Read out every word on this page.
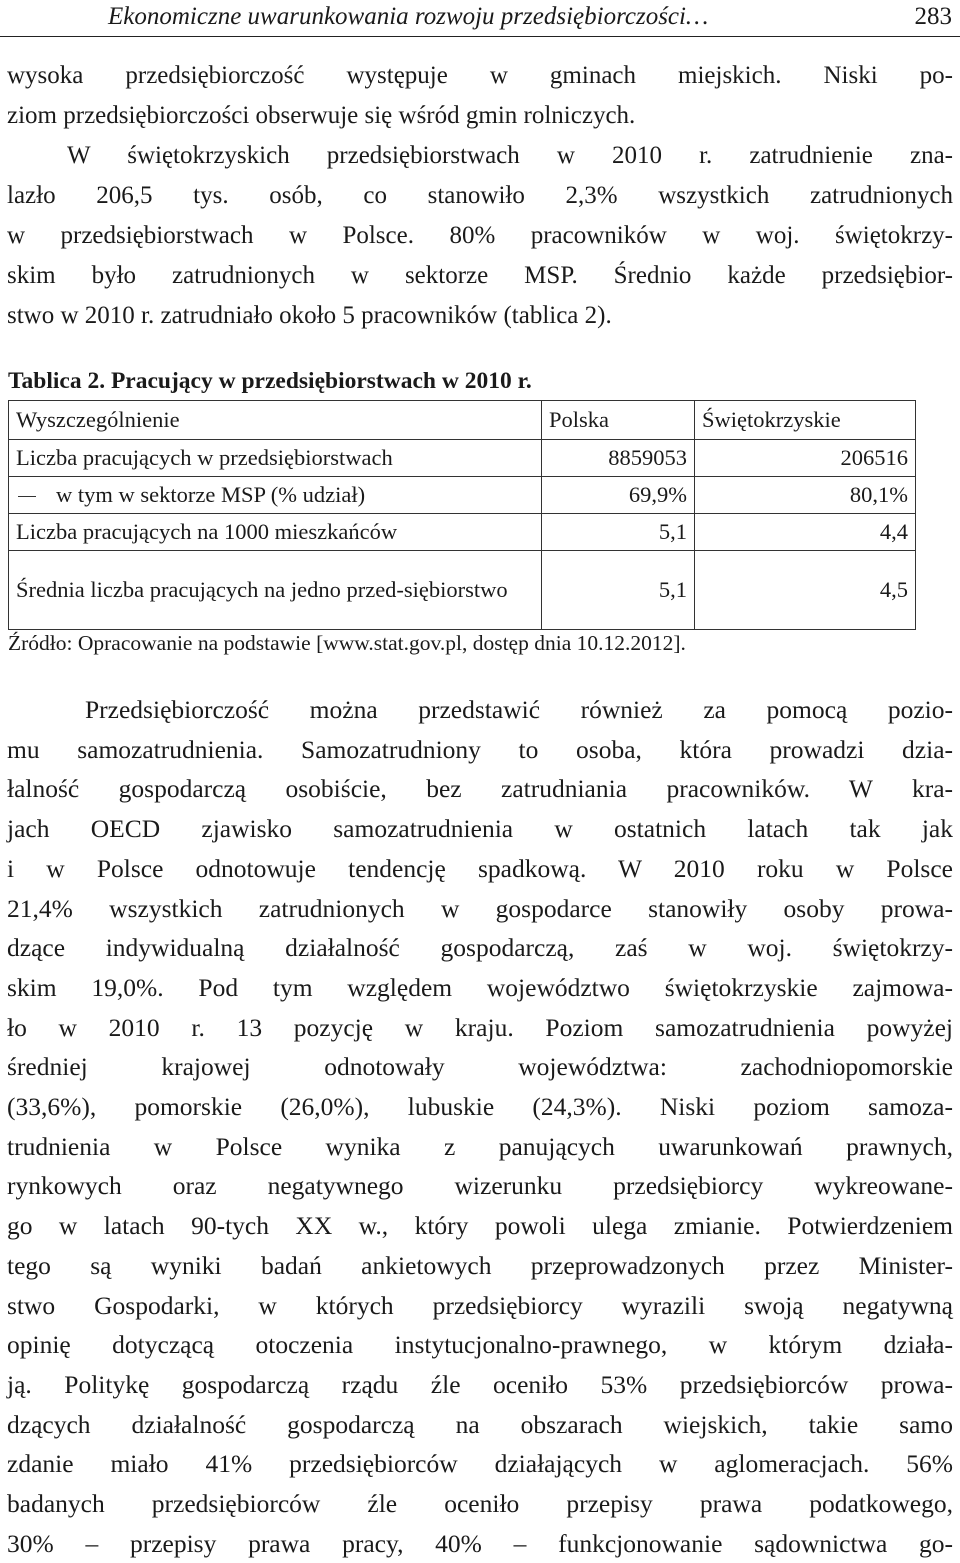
Ekonomiczne uwarunkowania rozwoju przedsiębiorczości…	283
wysoka przedsiębiorczość występuje w gminach miejskich. Niski po-
ziom przedsiębiorczości obserwuje się wśród gmin rolniczych.
W świętokrzyskich przedsiębiorstwach w 2010 r. zatrudnienie zna-
lazło 206,5 tys. osób, co stanowiło 2,3% wszystkich zatrudnionych
w przedsiębiorstwach w Polsce. 80% pracowników w woj. świętokrzy-
skim było zatrudnionych w sektorze MSP. Średnio każde przedsiębior-
stwo w 2010 r. zatrudniało około 5 pracowników (tablica 2).
Tablica 2. Pracujący w przedsiębiorstwach w 2010 r.
Wyszczególnienie	Polska	Świętokrzyskie
Liczba pracujących w przedsiębiorstwach	8859053	206516
w tym w sektorze MSP (% udział)	69,9%	80,1%
Liczba pracujących na 1000 mieszkańców	5,1	4,4
Średnia liczba pracujących na jedno przed-siębiorstwo	5,1	4,5
Źródło: Opracowanie na podstawie [www.stat.gov.pl, dostęp dnia 10.12.2012].
Przedsiębiorczość można przedstawić również za pomocą pozio-
mu samozatrudnienia. Samozatrudniony to osoba, która prowadzi dzia-
łalność gospodarczą osobiście, bez zatrudniania pracowników. W kra-
jach OECD zjawisko samozatrudnienia w ostatnich latach tak jak
i w Polsce odnotowuje tendencję spadkową. W 2010 roku w Polsce
21,4% wszystkich zatrudnionych w gospodarce stanowiły osoby prowa-
dzące indywidualną działalność gospodarczą, zaś w woj. świętokrzy-
skim 19,0%. Pod tym względem województwo świętokrzyskie zajmowa-
ło w 2010 r. 13 pozycję w kraju. Poziom samozatrudnienia powyżej
średniej krajowej odnotowały województwa: zachodniopomorskie
(33,6%), pomorskie (26,0%), lubuskie (24,3%). Niski poziom samoza-
trudnienia w Polsce wynika z panujących uwarunkowań prawnych,
rynkowych oraz negatywnego wizerunku przedsiębiorcy wykreowane-
go w latach 90-tych XX w., który powoli ulega zmianie. Potwierdzeniem
tego są wyniki badań ankietowych przeprowadzonych przez Minister-
stwo Gospodarki, w których przedsiębiorcy wyrazili swoją negatywną
opinię dotyczącą otoczenia instytucjonalno-prawnego, w którym działa-
ją. Politykę gospodarczą rządu źle oceniło 53% przedsiębiorców prowa-
dzących działalność gospodarczą na obszarach wiejskich, takie samo
zdanie miało 41% przedsiębiorców działających w aglomeracjach. 56%
badanych przedsiębiorców źle oceniło przepisy prawa podatkowego,
30% – przepisy prawa pracy, 40% – funkcjonowanie sądownictwa go-
